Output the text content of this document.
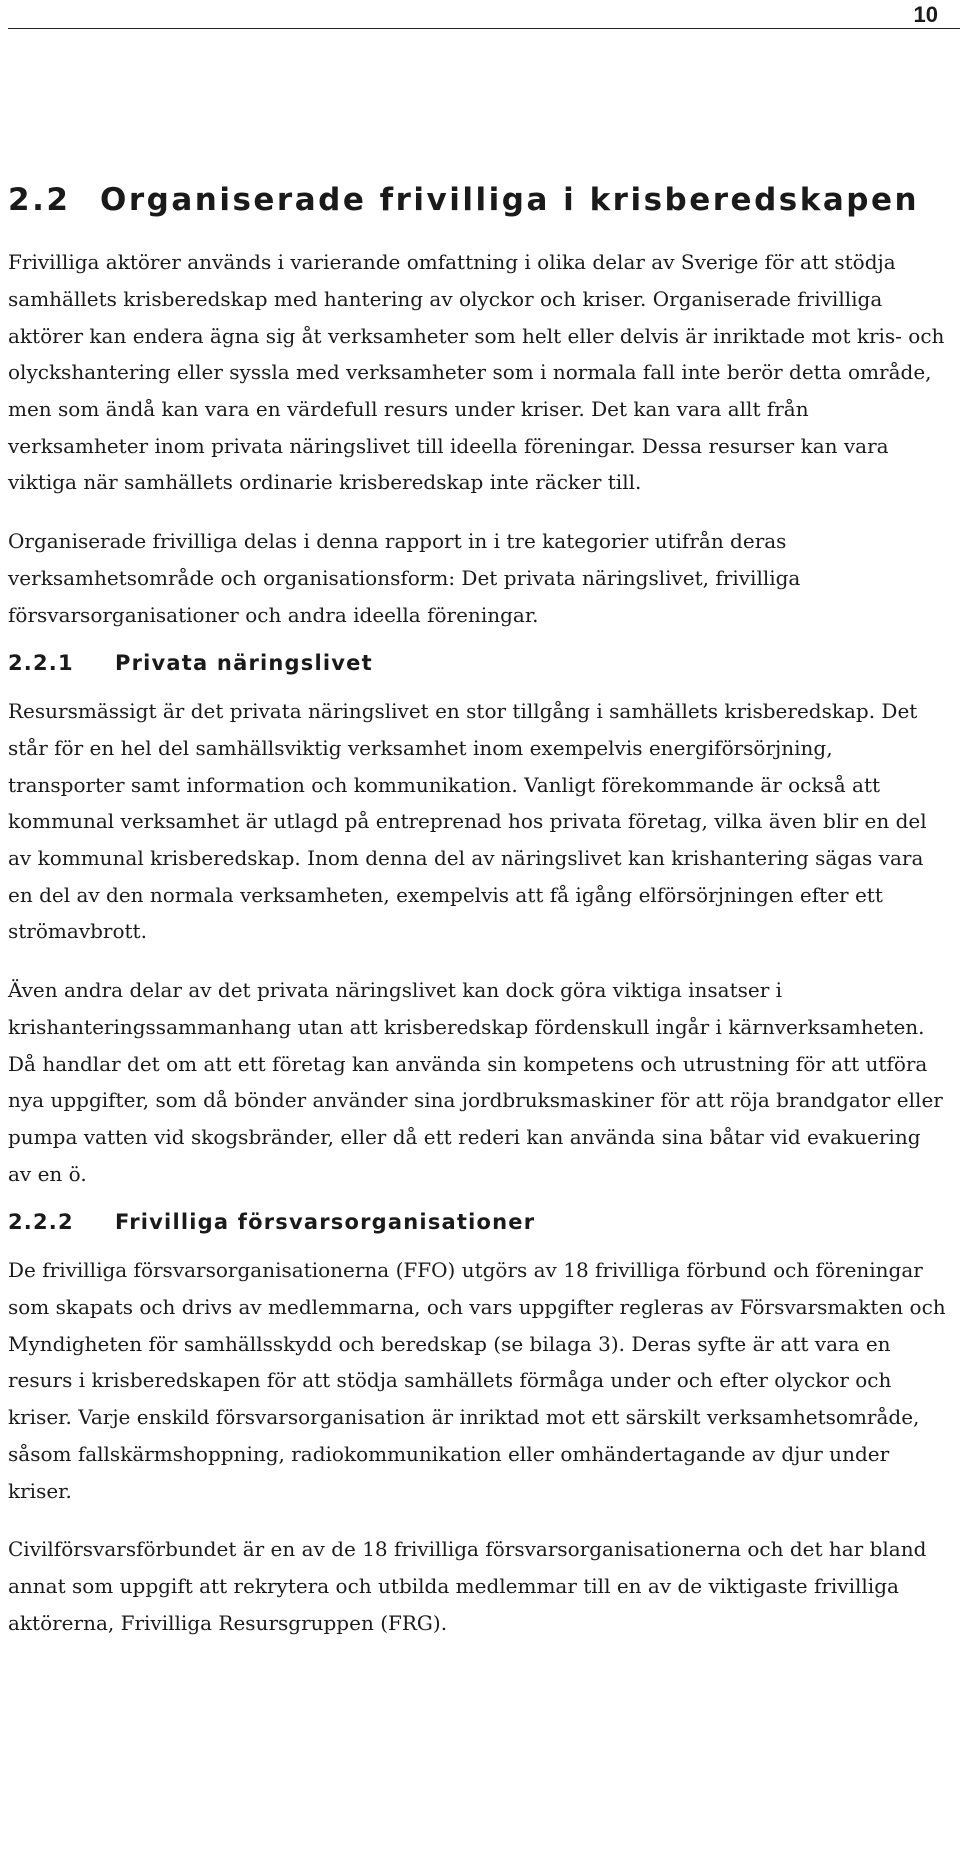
10
2.2 Organiserade frivilliga i krisberedskapen

Frivilliga aktörer används i varierande omfattning i olika delar av Sverige för att stödja samhällets krisberedskap med hantering av olyckor och kriser. Organiserade frivilliga aktörer kan endera ägna sig åt verksamheter som helt eller delvis är inriktade mot kris- och olyckshantering eller syssla med verksamheter som i normala fall inte berör detta område, men som ändå kan vara en värdefull resurs under kriser. Det kan vara allt från verksamheter inom privata näringslivet till ideella föreningar. Dessa resurser kan vara viktiga när samhällets ordinarie krisberedskap inte räcker till.

Organiserade frivilliga delas i denna rapport in i tre kategorier utifrån deras verksamhetsområde och organisationsform: Det privata näringslivet, frivilliga försvarsorganisationer och andra ideella föreningar.

2.2.1 Privata näringslivet

Resursmässigt är det privata näringslivet en stor tillgång i samhällets krisberedskap. Det står för en hel del samhällsviktig verksamhet inom exempelvis energiförsörjning, transporter samt information och kommunikation. Vanligt förekommande är också att kommunal verksamhet är utlagd på entreprenad hos privata företag, vilka även blir en del av kommunal krisberedskap. Inom denna del av näringslivet kan krishantering sägas vara en del av den normala verksamheten, exempelvis att få igång elförsörjningen efter ett strömavbrott.

Även andra delar av det privata näringslivet kan dock göra viktiga insatser i krishanteringssammanhang utan att krisberedskap fördenskull ingår i kärnverksamheten. Då handlar det om att ett företag kan använda sin kompetens och utrustning för att utföra nya uppgifter, som då bönder använder sina jordbruksmaskiner för att röja brandgator eller pumpa vatten vid skogsbränder, eller då ett rederi kan använda sina båtar vid evakuering av en ö.

2.2.2 Frivilliga försvarsorganisationer

De frivilliga försvarsorganisationerna (FFO) utgörs av 18 frivilliga förbund och föreningar som skapats och drivs av medlemmarna, och vars uppgifter regleras av Försvarsmakten och Myndigheten för samhällsskydd och beredskap (se bilaga 3). Deras syfte är att vara en resurs i krisberedskapen för att stödja samhällets förmåga under och efter olyckor och kriser. Varje enskild försvarsorganisation är inriktad mot ett särskilt verksamhetsområde, såsom fallskärmshoppning, radiokommunikation eller omhändertagande av djur under kriser.

Civilförsvarsförbundet är en av de 18 frivilliga försvarsorganisationerna och det har bland annat som uppgift att rekrytera och utbilda medlemmar till en av de viktigaste frivilliga aktörerna, Frivilliga Resursgruppen (FRG).
